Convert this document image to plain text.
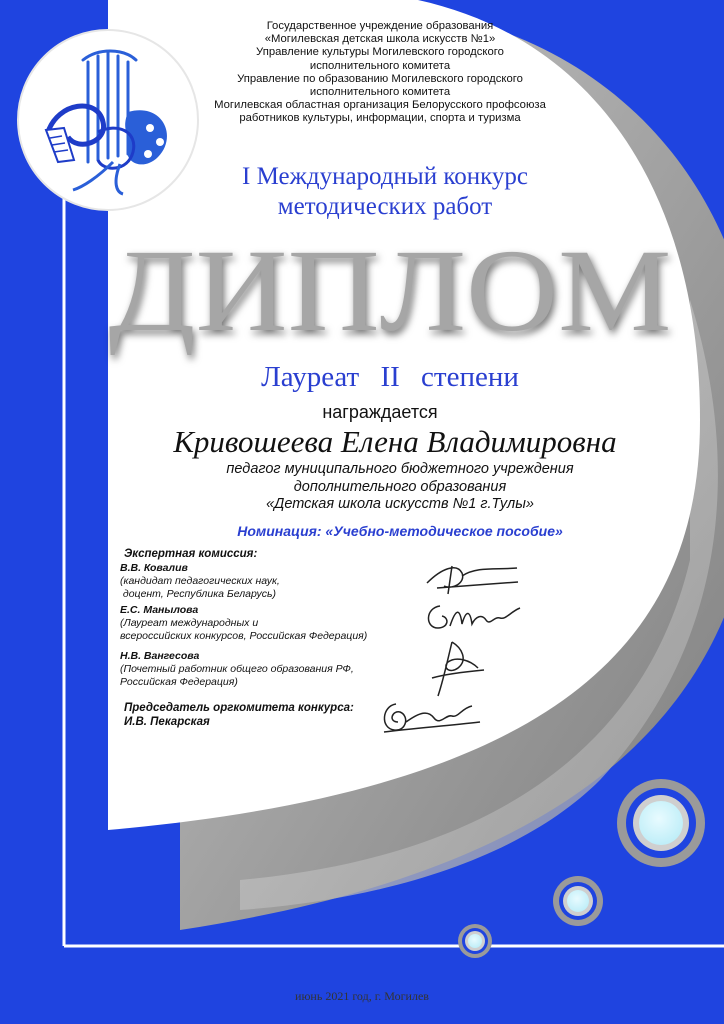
Государственное учреждение образования
«Могилевская детская школа искусств №1»
Управление культуры Могилевского городского
исполнительного комитета
Управление по образованию Могилевского городского
исполнительного комитета
Могилевская областная организация Белорусского профсоюза
работников культуры, информации, спорта и туризма
I Международный конкурс
методических работ
ДИПЛОМ
Лауреат II степени
награждается
Кривошеева Елена Владимировна
педагог муниципального бюджетного учреждения
дополнительного образования
«Детская школа искусств №1 г.Тулы»
Номинация: «Учебно-методическое пособие»
Экспертная комиссия:
В.В. Ковалив
(кандидат педагогических наук,
доцент, Республика Беларусь)
Е.С. Манылова
(Лауреат международных и
всероссийских конкурсов, Российская Федерация)
Н.В. Вангесова
(Почетный работник общего образования РФ,
Российская Федерация)
Председатель оргкомитета конкурса:
И.В. Пекарская
июнь 2021 год, г. Могилев
